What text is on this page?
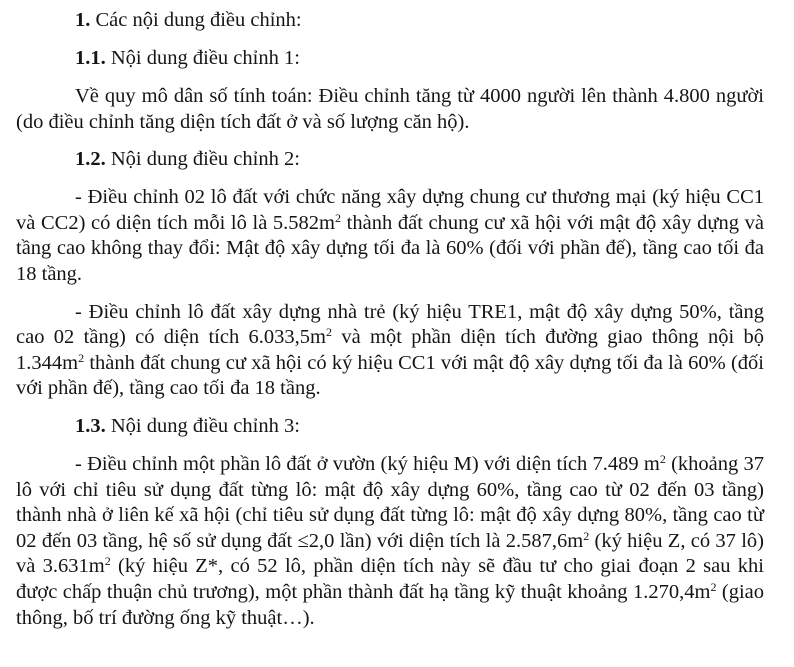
1. Các nội dung điều chỉnh:

1.1. Nội dung điều chỉnh 1:

Về quy mô dân số tính toán: Điều chỉnh tăng từ 4000 người lên thành 4.800 người (do điều chỉnh tăng diện tích đất ở và số lượng căn hộ).

1.2. Nội dung điều chỉnh 2:

- Điều chỉnh 02 lô đất với chức năng xây dựng chung cư thương mại (ký hiệu CC1 và CC2) có diện tích mỗi lô là $5.582m^2$ thành đất chung cư xã hội với mật độ xây dựng và tầng cao không thay đổi: Mật độ xây dựng tối đa là 60% (đối với phần đế), tầng cao tối đa 18 tầng.

- Điều chỉnh lô đất xây dựng nhà trẻ (ký hiệu TRE1, mật độ xây dựng 50%, tầng cao 02 tầng) có diện tích $6.033,5m^2$ và một phần diện tích đường giao thông nội bộ $1.344m^2$ thành đất chung cư xã hội có ký hiệu CC1 với mật độ xây dựng tối đa là 60% (đối với phần đế), tầng cao tối đa 18 tầng.

1.3. Nội dung điều chỉnh 3:

- Điều chỉnh một phần lô đất ở vườn (ký hiệu M) với diện tích 7.489 $m^2$ (khoảng 37 lô với chỉ tiêu sử dụng đất từng lô: mật độ xây dựng 60%, tầng cao từ 02 đến 03 tầng) thành nhà ở liên kế xã hội (chỉ tiêu sử dụng đất từng lô: mật độ xây dựng 80%, tầng cao từ 02 đến 03 tầng, hệ số sử dụng đất ≤2,0 lần) với diện tích là $2.587,6m^2$ (ký hiệu Z, có 37 lô) và $3.631m^2$ (ký hiệu Z*, có 52 lô, phần diện tích này sẽ đầu tư cho giai đoạn 2 sau khi được chấp thuận chủ trương), một phần thành đất hạ tầng kỹ thuật khoảng $1.270,4m^2$ (giao thông, bố trí đường ống kỹ thuật…).
